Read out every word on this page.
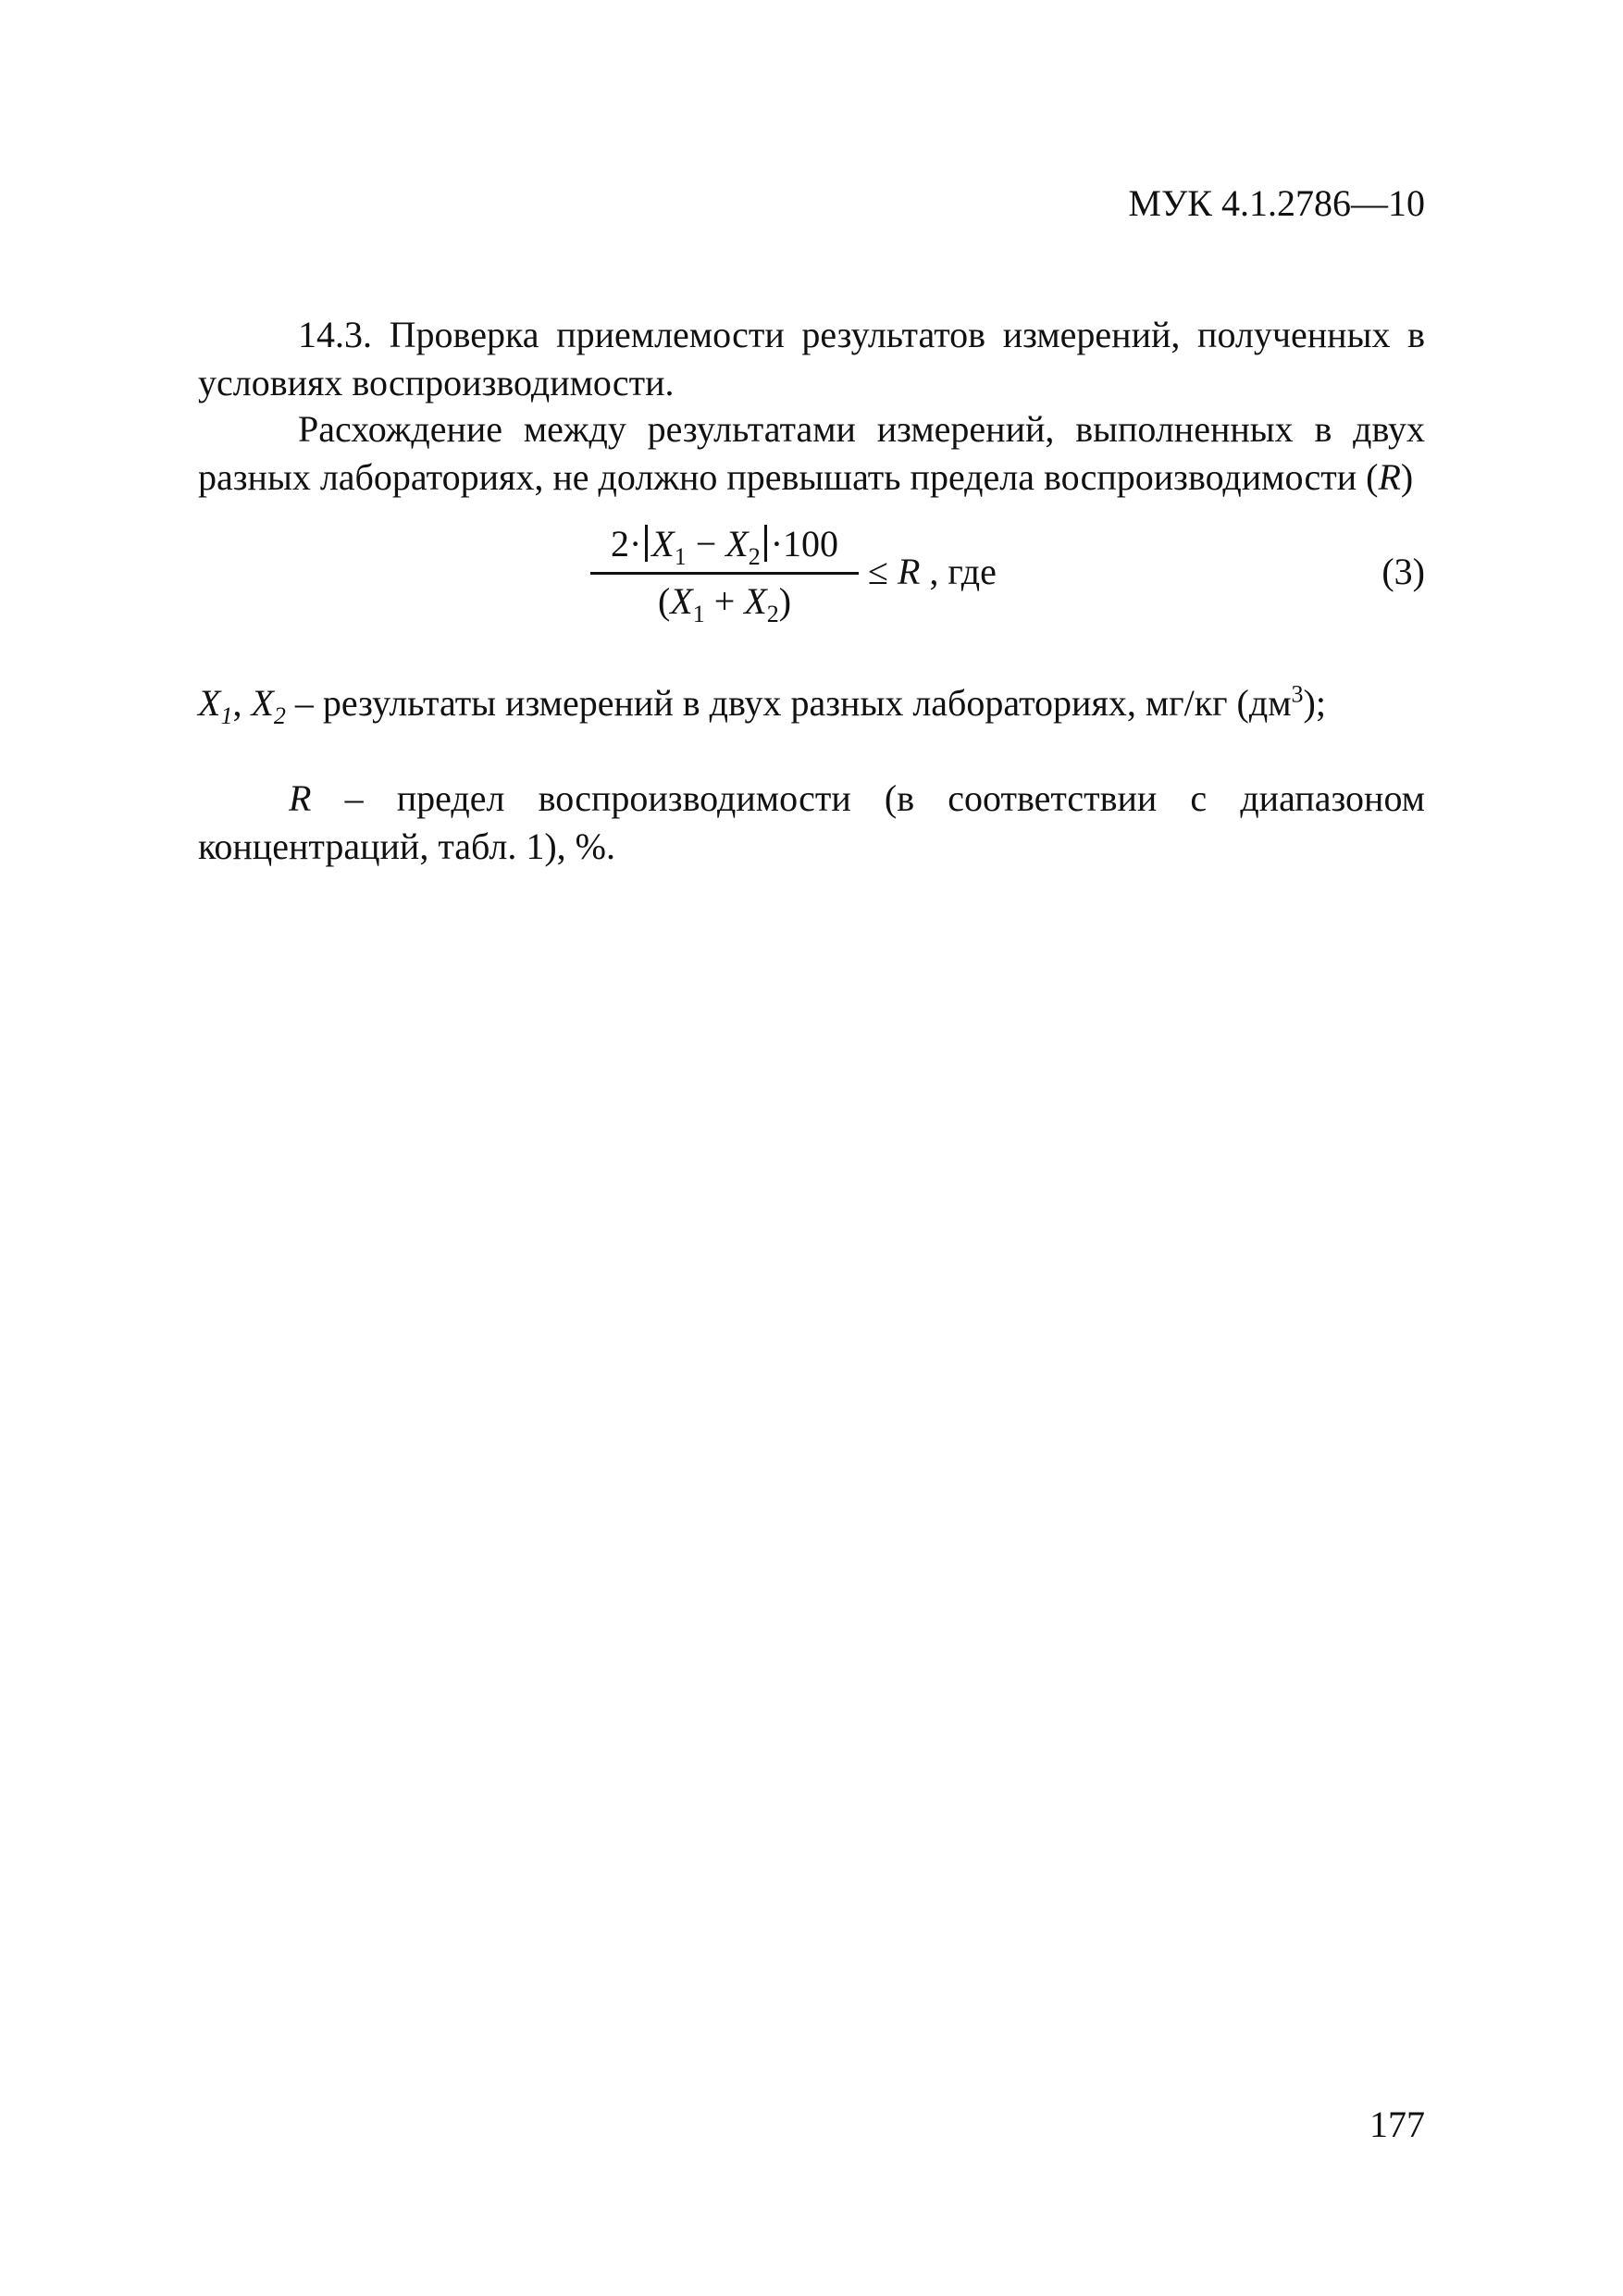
МУК 4.1.2786—10

14.3. Проверка приемлемости результатов измерений, полученных в условиях воспроизводимости.

Расхождение между результатами измерений, выполненных в двух разных лабораториях, не должно превышать предела воспроизводимости (R)

$2\cdot X_1 - X_2 \cdot 100$
$(X_1 + X_2)$
≤ R , где	(3)

$X_1$, $X_2$ – результаты измерений в двух разных лабораториях, мг/кг $(дм^3)$;

R – предел воспроизводимости (в соответствии с диапазоном концентраций, табл. 1), %.

177
